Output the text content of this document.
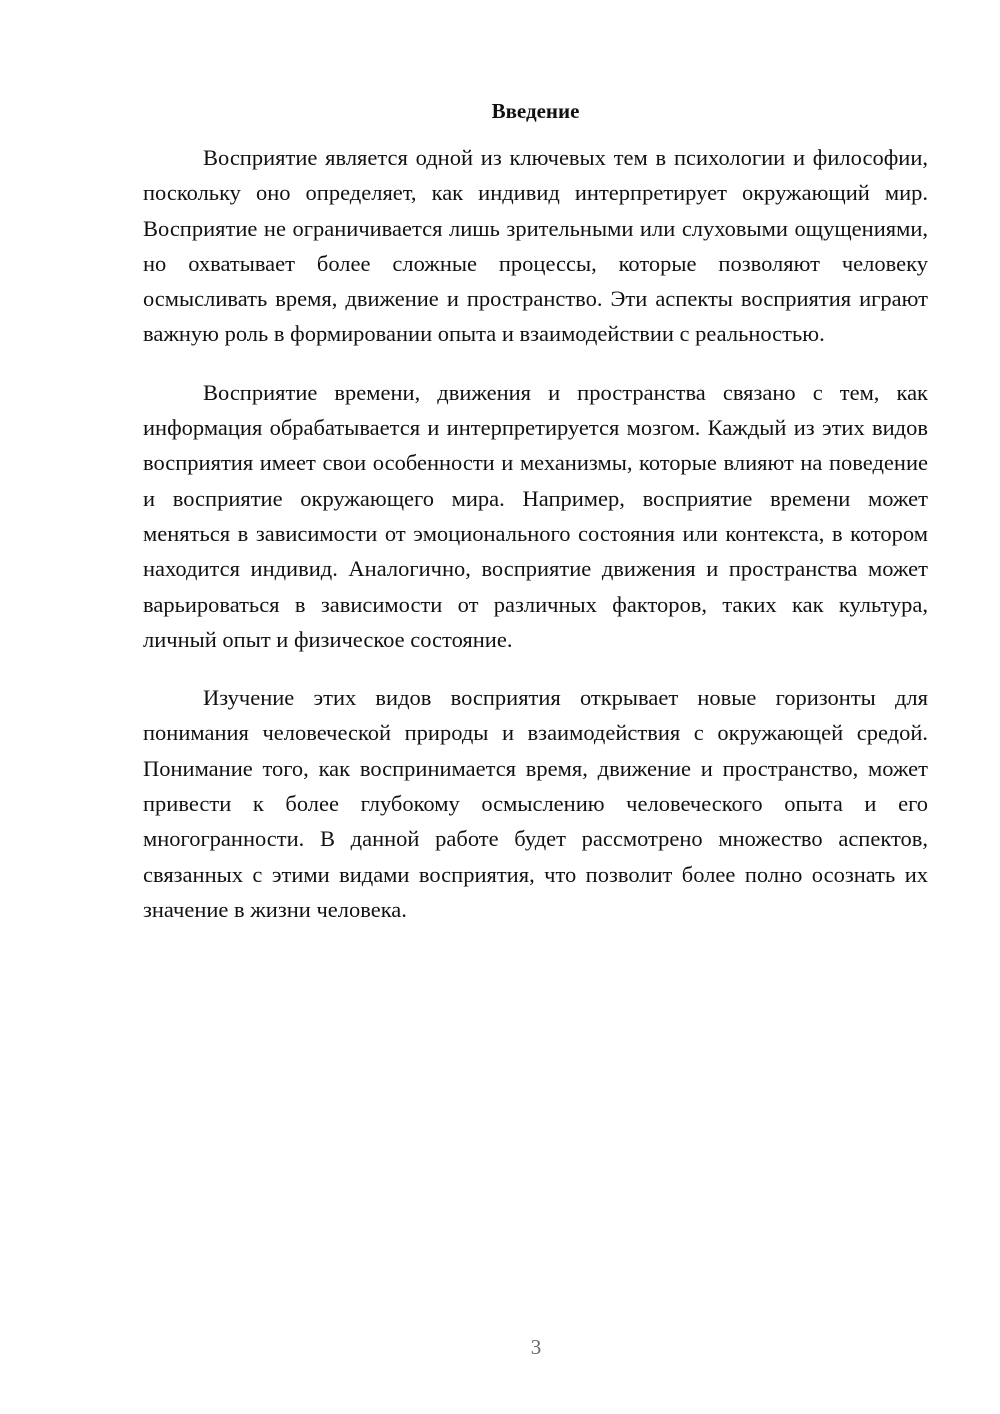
Введение

Восприятие является одной из ключевых тем в психологии и философии, поскольку оно определяет, как индивид интерпретирует окружающий мир. Восприятие не ограничивается лишь зрительными или слуховыми ощущениями, но охватывает более сложные процессы, которые позволяют человеку осмысливать время, движение и пространство. Эти аспекты восприятия играют важную роль в формировании опыта и взаимодействии с реальностью.

Восприятие времени, движения и пространства связано с тем, как информация обрабатывается и интерпретируется мозгом. Каждый из этих видов восприятия имеет свои особенности и механизмы, которые влияют на поведение и восприятие окружающего мира. Например, восприятие времени может меняться в зависимости от эмоционального состояния или контекста, в котором находится индивид. Аналогично, восприятие движения и пространства может варьироваться в зависимости от различных факторов, таких как культура, личный опыт и физическое состояние.

Изучение этих видов восприятия открывает новые горизонты для понимания человеческой природы и взаимодействия с окружающей средой. Понимание того, как воспринимается время, движение и пространство, может привести к более глубокому осмыслению человеческого опыта и его многогранности. В данной работе будет рассмотрено множество аспектов, связанных с этими видами восприятия, что позволит более полно осознать их значение в жизни человека.

3
